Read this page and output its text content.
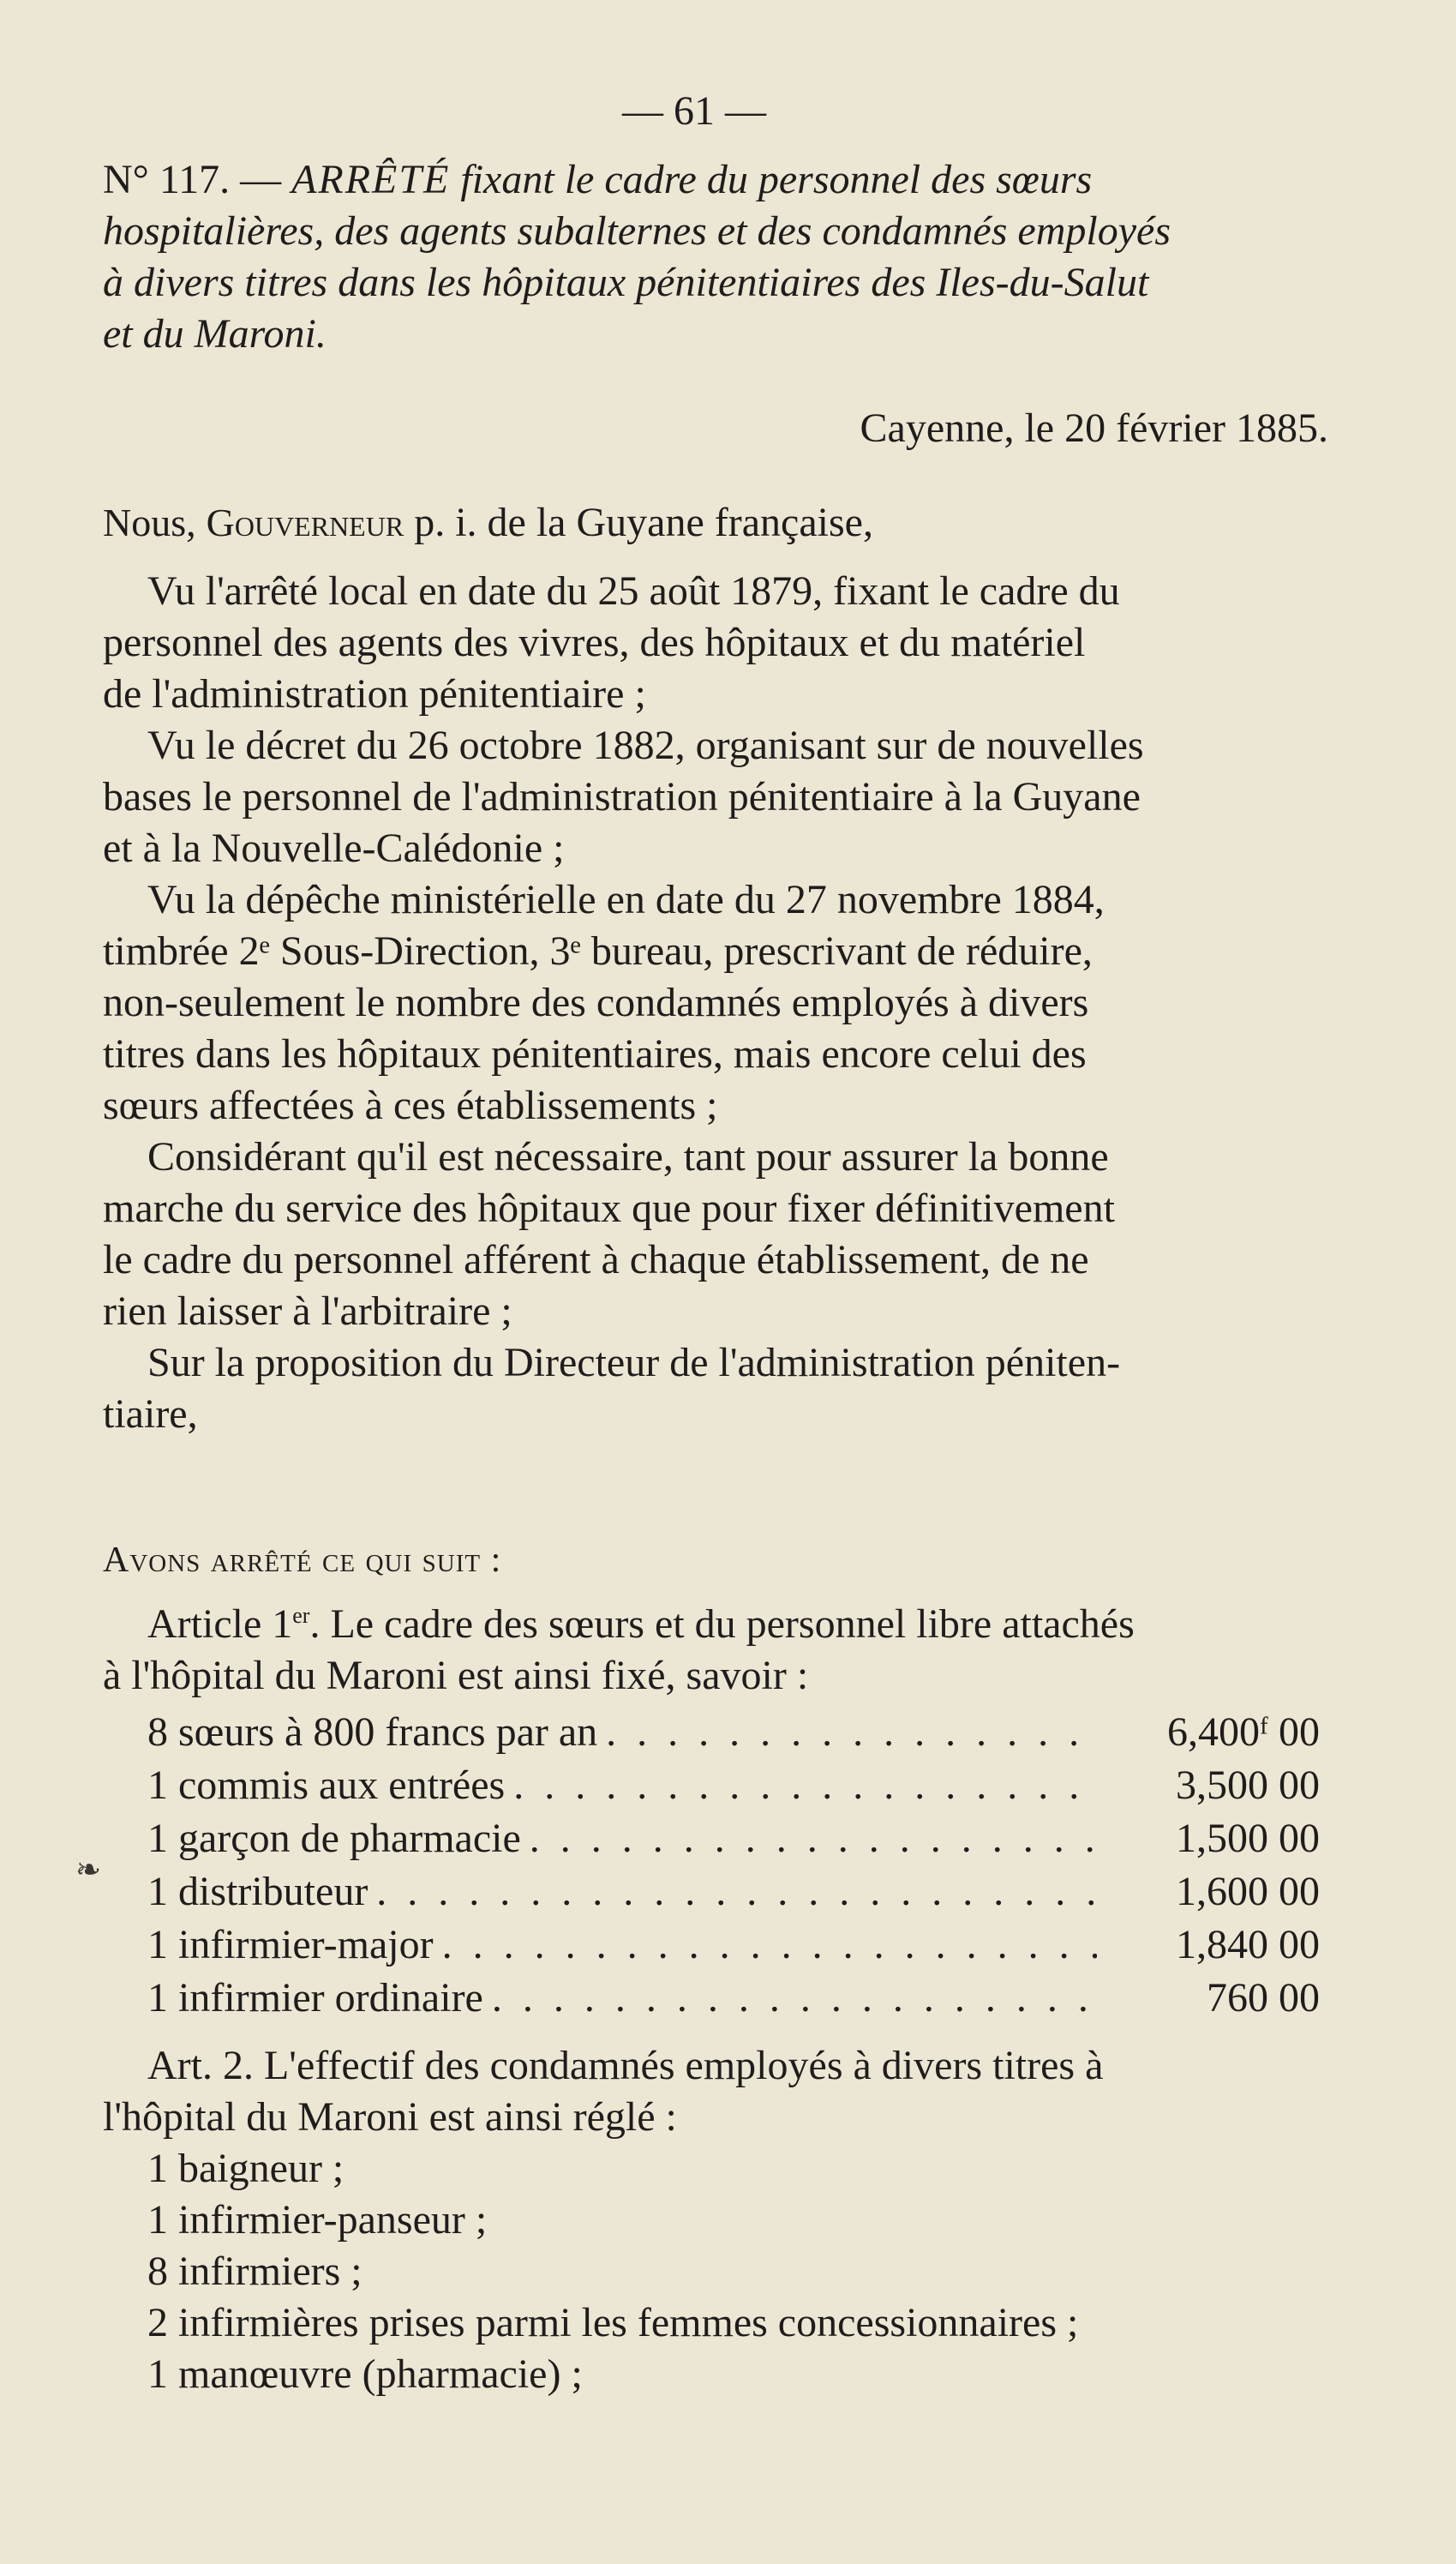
— 61 —

N° 117. — ARRÊTÉ fixant le cadre du personnel des sœurs

hospitalières, des agents subalternes et des condamnés employés

à divers titres dans les hôpitaux pénitentiaires des Iles-du-Salut

et du Maroni.

Cayenne, le 20 février 1885.

Nous, Gouverneur p. i. de la Guyane française,

Vu l'arrêté local en date du 25 août 1879, fixant le cadre du

personnel des agents des vivres, des hôpitaux et du matériel

de l'administration pénitentiaire ;

Vu le décret du 26 octobre 1882, organisant sur de nouvelles

bases le personnel de l'administration pénitentiaire à la Guyane

et à la Nouvelle-Calédonie ;

Vu la dépêche ministérielle en date du 27 novembre 1884,

timbrée 2ᵉ Sous-Direction, 3ᵉ bureau, prescrivant de réduire,

non-seulement le nombre des condamnés employés à divers

titres dans les hôpitaux pénitentiaires, mais encore celui des

sœurs affectées à ces établissements ;

Considérant qu'il est nécessaire, tant pour assurer la bonne

marche du service des hôpitaux que pour fixer définitivement

le cadre du personnel afférent à chaque établissement, de ne

rien laisser à l'arbitraire ;

Sur la proposition du Directeur de l'administration péniten-

tiaire,

Avons arrêté ce qui suit :

Article 1er. Le cadre des sœurs et du personnel libre attachés

à l'hôpital du Maroni est ainsi fixé, savoir :

8 sœurs à 800 francs par an . . .	6,400ᶠ 00
1 commis aux entrées . . .	3,500 00
1 garçon de pharmacie . . .	1,500 00
1 distributeur . . .	1,600 00
1 infirmier-major . . .	1,840 00
1 infirmier ordinaire . . .	760 00
❧

Art. 2. L'effectif des condamnés employés à divers titres à

l'hôpital du Maroni est ainsi réglé :

1 baigneur ;

1 infirmier-panseur ;

8 infirmiers ;

2 infirmières prises parmi les femmes concessionnaires ;

1 manœuvre (pharmacie) ;
